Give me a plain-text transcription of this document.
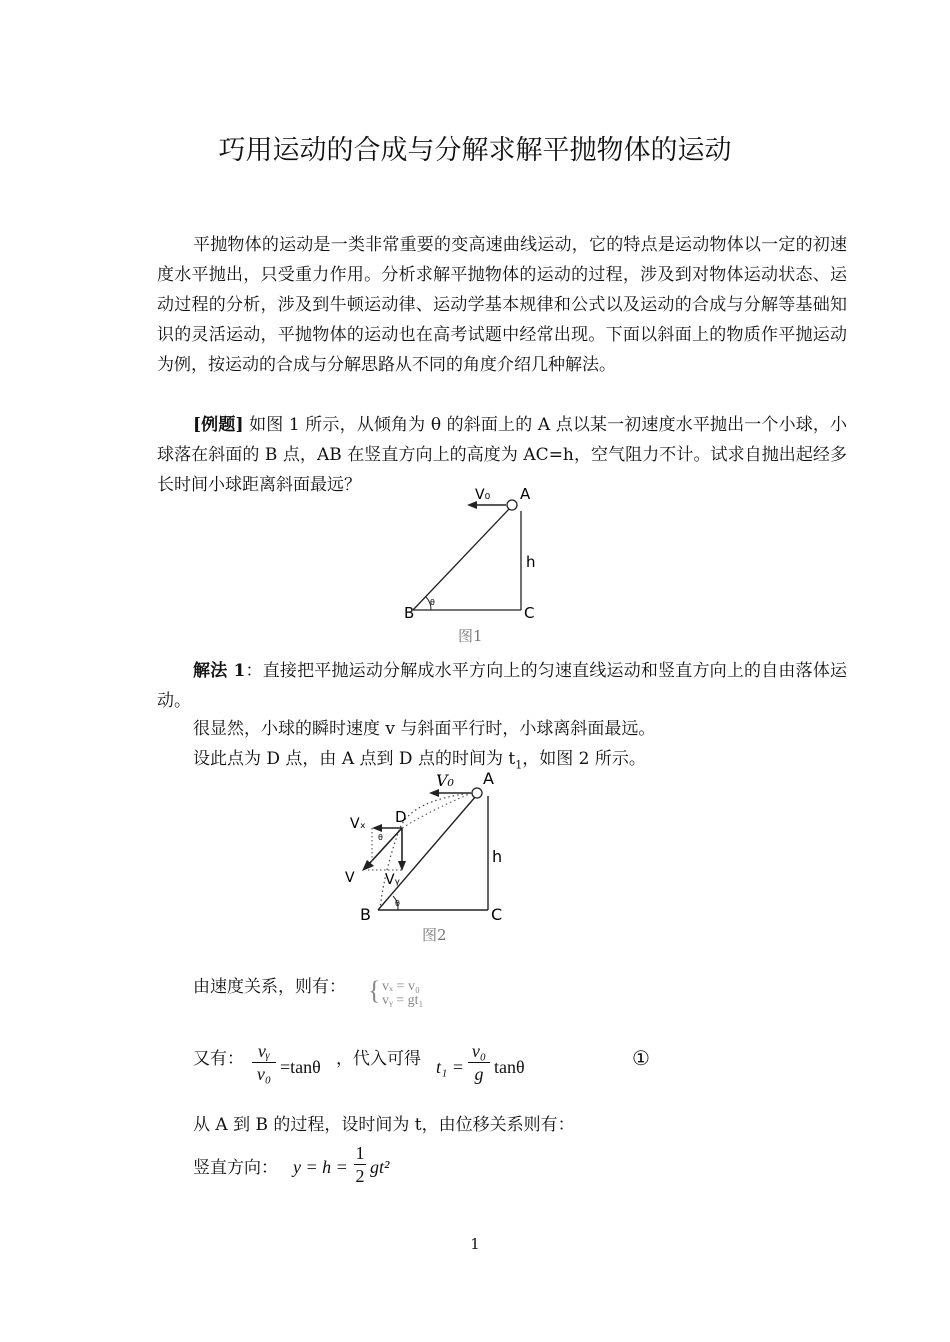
巧用运动的合成与分解求解平抛物体的运动

平抛物体的运动是一类非常重要的变高速曲线运动，它的特点是运动物体以一定的初速度水平抛出，只受重力作用。分析求解平抛物体的运动的过程，涉及到对物体运动状态、运动过程的分析，涉及到牛顿运动律、运动学基本规律和公式以及运动的合成与分解等基础知识的灵活运动，平抛物体的运动也在高考试题中经常出现。下面以斜面上的物质作平抛运动为例，按运动的合成与分解思路从不同的角度介绍几种解法。

[例题] 如图 1 所示，从倾角为 θ 的斜面上的 A 点以某一初速度水平抛出一个小球，小球落在斜面的 B 点，AB 在竖直方向上的高度为 AC=h，空气阻力不计。试求自抛出起经多长时间小球距离斜面最远？	V₀ A
h
B	C
θ
图1

解法 1：直接把平抛运动分解成水平方向上的匀速直线运动和竖直方向上的自由落体运动。

很显然，小球的瞬时速度 v 与斜面平行时，小球离斜面最远。
设此点为 D 点，由 A 点到 D 点的时间为 $t_1$，如图 2 所示。
V₀ A
h
D
Vₓ
V Vᵧ
θ
θ
B	C
图2
由速度关系，则有： { vₓ = v₀
vᵧ = gt₁
又有： vᵧ
v₀ =tanθ ，代入可得 t₁ =
v₀
g tanθ	①
从 A 到 B 的过程，设时间为 t，由位移关系则有：
竖直方向： y = h =
1
2 gt²
1
